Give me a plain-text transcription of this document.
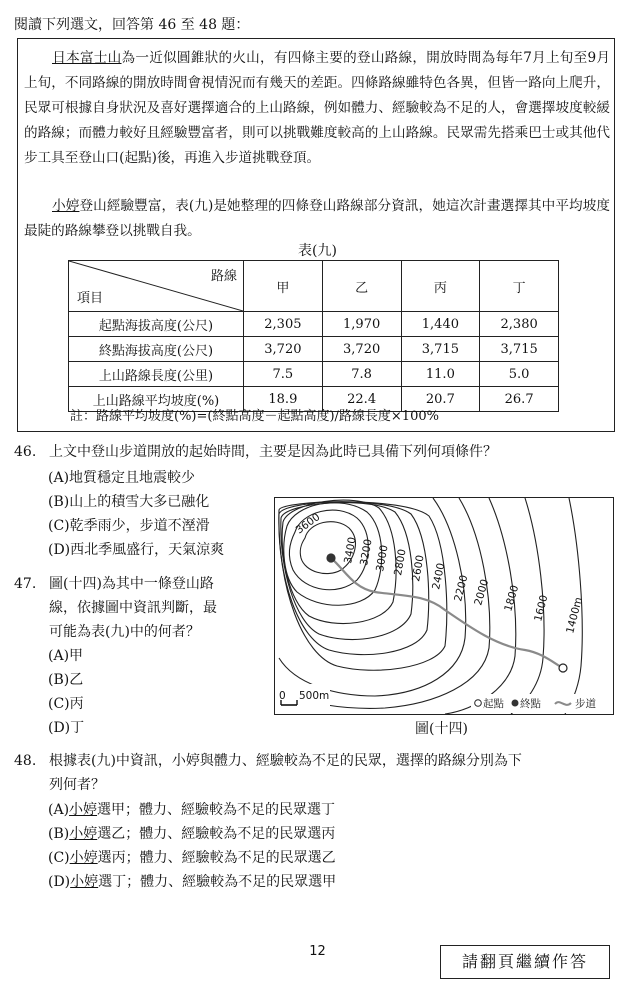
閱讀下列選文，回答第 46 至 48 題：
日本富士山為一近似圓錐狀的火山，有四條主要的登山路線，開放時間為每年7月上旬至9月上旬，不同路線的開放時間會視情況而有幾天的差距。四條路線雖特色各異，但皆一路向上爬升，民眾可根據自身狀況及喜好選擇適合的上山路線，例如體力、經驗較為不足的人，會選擇坡度較緩的路線；而體力較好且經驗豐富者，則可以挑戰難度較高的上山路線。民眾需先搭乘巴士或其他代步工具至登山口(起點)後，再進入步道挑戰登頂。
小婷登山經驗豐富，表(九)是她整理的四條登山路線部分資訊，她這次計畫選擇其中平均坡度最陡的路線攀登以挑戰自我。
表(九)
路線
項目	甲	乙	丙	丁
起點海拔高度(公尺)	2,305	1,970	1,440	2,380
終點海拔高度(公尺)	3,720	3,720	3,715	3,715
上山路線長度(公里)	7.5	7.8	11.0	5.0
上山路線平均坡度(%)	18.9	22.4	20.7	26.7
註：路線平均坡度(%)=(終點高度－起點高度)/路線長度×100%
46. 上文中登山步道開放的起始時間，主要是因為此時已具備下列何項條件？
(A)地質穩定且地震較少
(B)山上的積雪大多已融化
(C)乾季雨少，步道不溼滑
(D)西北季風盛行，天氣涼爽
47. 圖(十四)為其中一條登山路
線，依據圖中資訊判斷，最
可能為表(九)中的何者？
(A)甲
(B)乙
(C)丙
(D)丁
3600
3400 3200 3000 2800 2600 2400 2200 2000 1800 1600 1400m
0 500m
起點 終點	步道
圖(十四)
48. 根據表(九)中資訊，小婷與體力、經驗較為不足的民眾，選擇的路線分別為下
列何者？
(A)小婷選甲；體力、經驗較為不足的民眾選丁
(B)小婷選乙；體力、經驗較為不足的民眾選丙
(C)小婷選丙；體力、經驗較為不足的民眾選乙
(D)小婷選丁；體力、經驗較為不足的民眾選甲
12
請翻頁繼續作答
